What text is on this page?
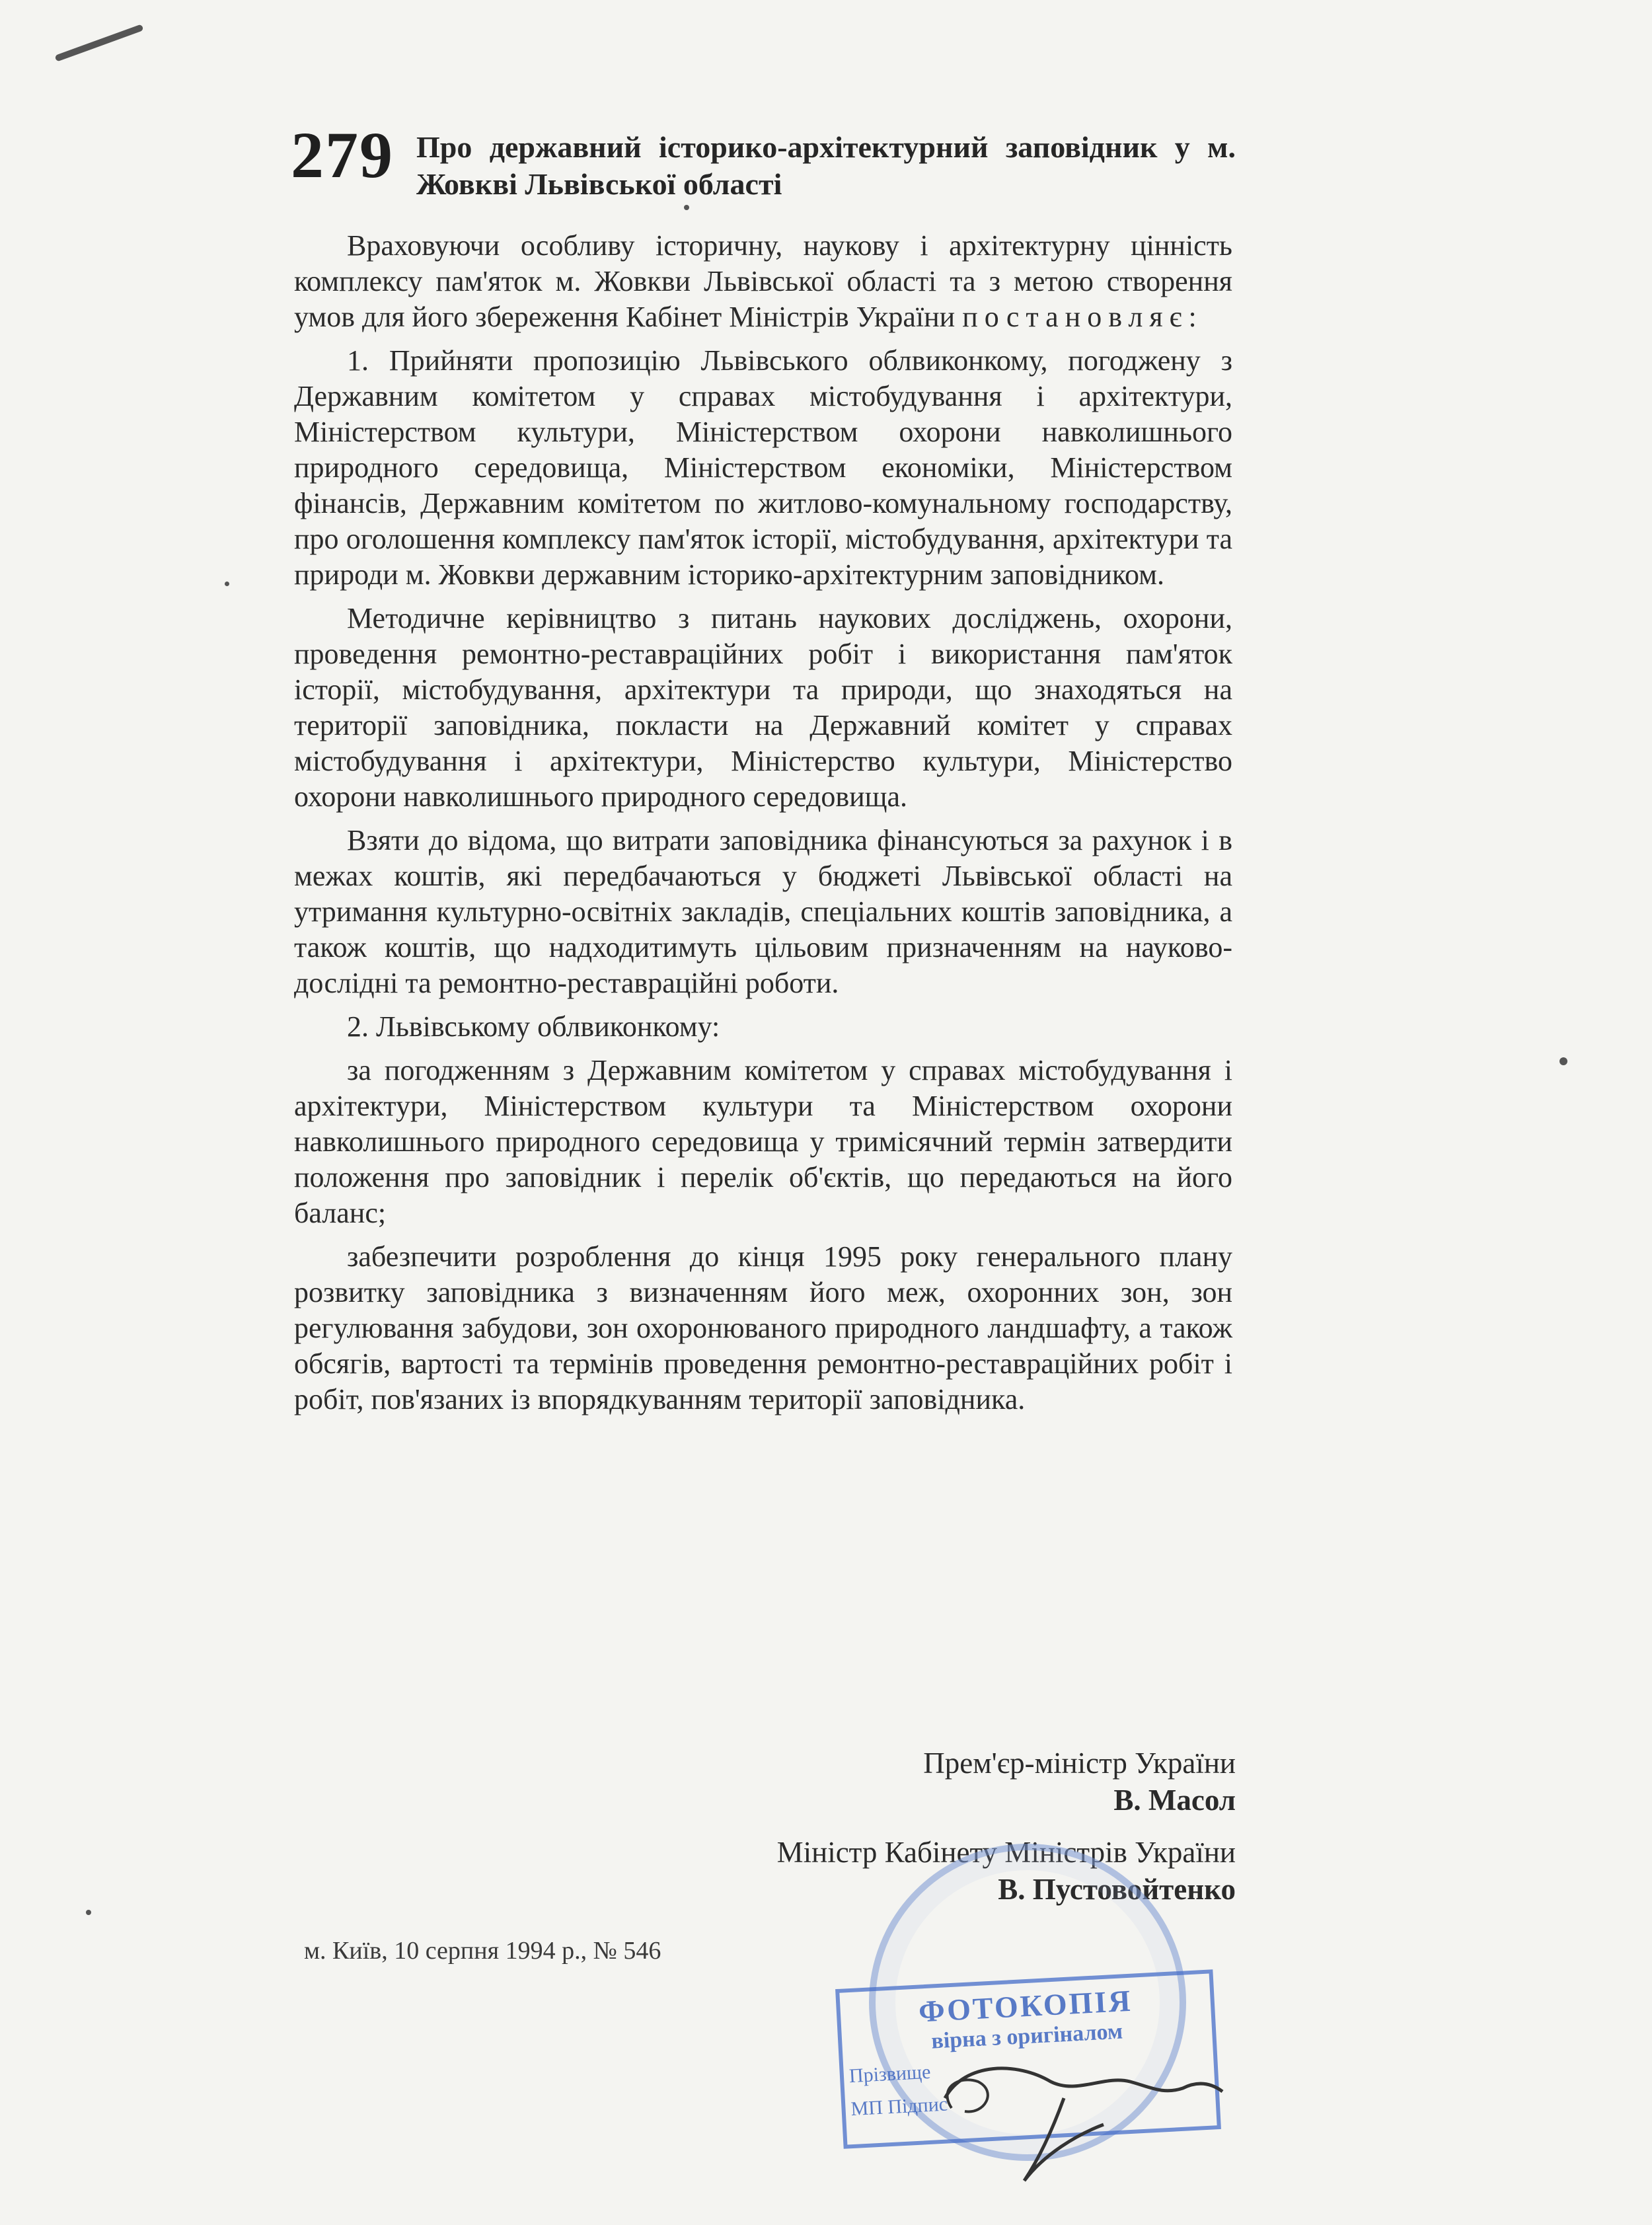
279 Про державний історико-архітектурний заповідник у м. Жовкві Львівської області

Враховуючи особливу історичну, наукову і архітектурну цінність комплексу пам'яток м. Жовкви Львівської області та з метою створення умов для його збереження Кабінет Міністрів України постановляє:

1. Прийняти пропозицію Львівського облвиконкому, погоджену з Державним комітетом у справах містобудування і архітектури, Міністерством культури, Міністерством охорони навколишнього природного середовища, Міністерством економіки, Міністерством фінансів, Державним комітетом по житлово-комунальному господарству, про оголошення комплексу пам'яток історії, містобудування, архітектури та природи м. Жовкви державним історико-архітектурним заповідником.

Методичне керівництво з питань наукових досліджень, охорони, проведення ремонтно-реставраційних робіт і використання пам'яток історії, містобудування, архітектури та природи, що знаходяться на території заповідника, покласти на Державний комітет у справах містобудування і архітектури, Міністерство культури, Міністерство охорони навколишнього природного середовища.

Взяти до відома, що витрати заповідника фінансуються за рахунок і в межах коштів, які передбачаються у бюджеті Львівської області на утримання культурно-освітніх закладів, спеціальних коштів заповідника, а також коштів, що надходитимуть цільовим призначенням на науково-дослідні та ремонтно-реставраційні роботи.

2. Львівському облвиконкому:

за погодженням з Державним комітетом у справах містобудування і архітектури, Міністерством культури та Міністерством охорони навколишнього природного середовища у тримісячний термін затвердити положення про заповідник і перелік об'єктів, що передаються на його баланс;

забезпечити розроблення до кінця 1995 року генерального плану розвитку заповідника з визначенням його меж, охоронних зон, зон регулювання забудови, зон охоронюваного природного ландшафту, а також обсягів, вартості та термінів проведення ремонтно-реставраційних робіт і робіт, пов'язаних із впорядкуванням території заповідника.

Прем'єр-міністр України
В. Масол
Міністр Кабінету Міністрів України
В. Пустовойтенко
м. Київ, 10 серпня 1994 р., № 546
ФОТОКОПІЯ
вірна з оригіналом
Прізвище
МП Підпис
